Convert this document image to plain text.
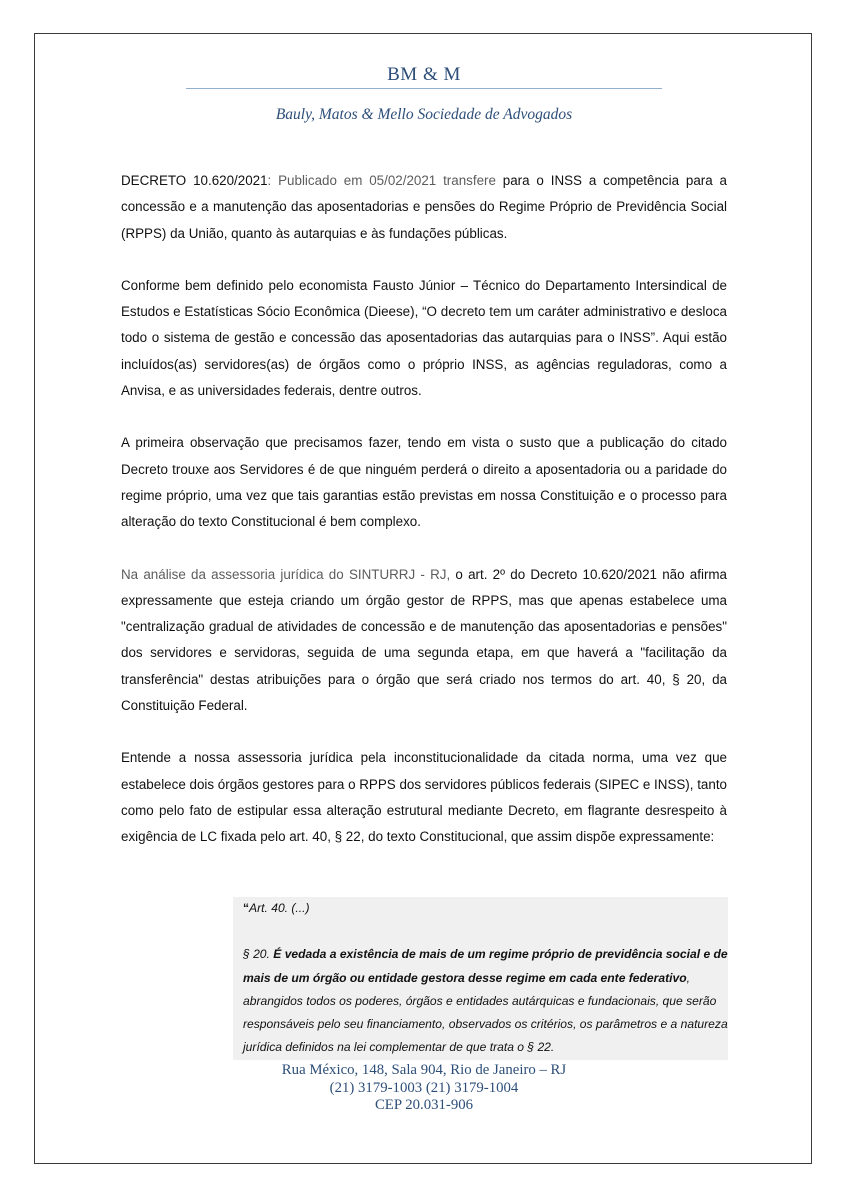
BM & M
Bauly, Matos & Mello Sociedade de Advogados

DECRETO 10.620/2021: Publicado em 05/02/2021 transfere para o INSS a competência para a concessão e a manutenção das aposentadorias e pensões do Regime Próprio de Previdência Social (RPPS) da União, quanto às autarquias e às fundações públicas.

Conforme bem definido pelo economista Fausto Júnior – Técnico do Departamento Intersindical de Estudos e Estatísticas Sócio Econômica (Dieese), “O decreto tem um caráter administrativo e desloca todo o sistema de gestão e concessão das aposentadorias das autarquias para o INSS”. Aqui estão incluídos(as) servidores(as) de órgãos como o próprio INSS, as agências reguladoras, como a Anvisa, e as universidades federais, dentre outros.

A primeira observação que precisamos fazer, tendo em vista o susto que a publicação do citado Decreto trouxe aos Servidores é de que ninguém perderá o direito a aposentadoria ou a paridade do regime próprio, uma vez que tais garantias estão previstas em nossa Constituição e o processo para alteração do texto Constitucional é bem complexo.

Na análise da assessoria jurídica do SINTURRJ - RJ, o art. 2º do Decreto 10.620/2021 não afirma expressamente que esteja criando um órgão gestor de RPPS, mas que apenas estabelece uma "centralização gradual de atividades de concessão e de manutenção das aposentadorias e pensões" dos servidores e servidoras, seguida de uma segunda etapa, em que haverá a "facilitação da transferência" destas atribuições para o órgão que será criado nos termos do art. 40, § 20, da Constituição Federal.

Entende a nossa assessoria jurídica pela inconstitucionalidade da citada norma, uma vez que estabelece dois órgãos gestores para o RPPS dos servidores públicos federais (SIPEC e INSS), tanto como pelo fato de estipular essa alteração estrutural mediante Decreto, em flagrante desrespeito à exigência de LC fixada pelo art. 40, § 22, do texto Constitucional, que assim dispõe expressamente:

“Art. 40. (...)
§ 20. É vedada a existência de mais de um regime próprio de previdência social e de mais de um órgão ou entidade gestora desse regime em cada ente federativo, abrangidos todos os poderes, órgãos e entidades autárquicas e fundacionais, que serão responsáveis pelo seu financiamento, observados os critérios, os parâmetros e a natureza jurídica definidos na lei complementar de que trata o § 22.
Rua México, 148, Sala 904, Rio de Janeiro – RJ
(21) 3179-1003 (21) 3179-1004
CEP 20.031-906
